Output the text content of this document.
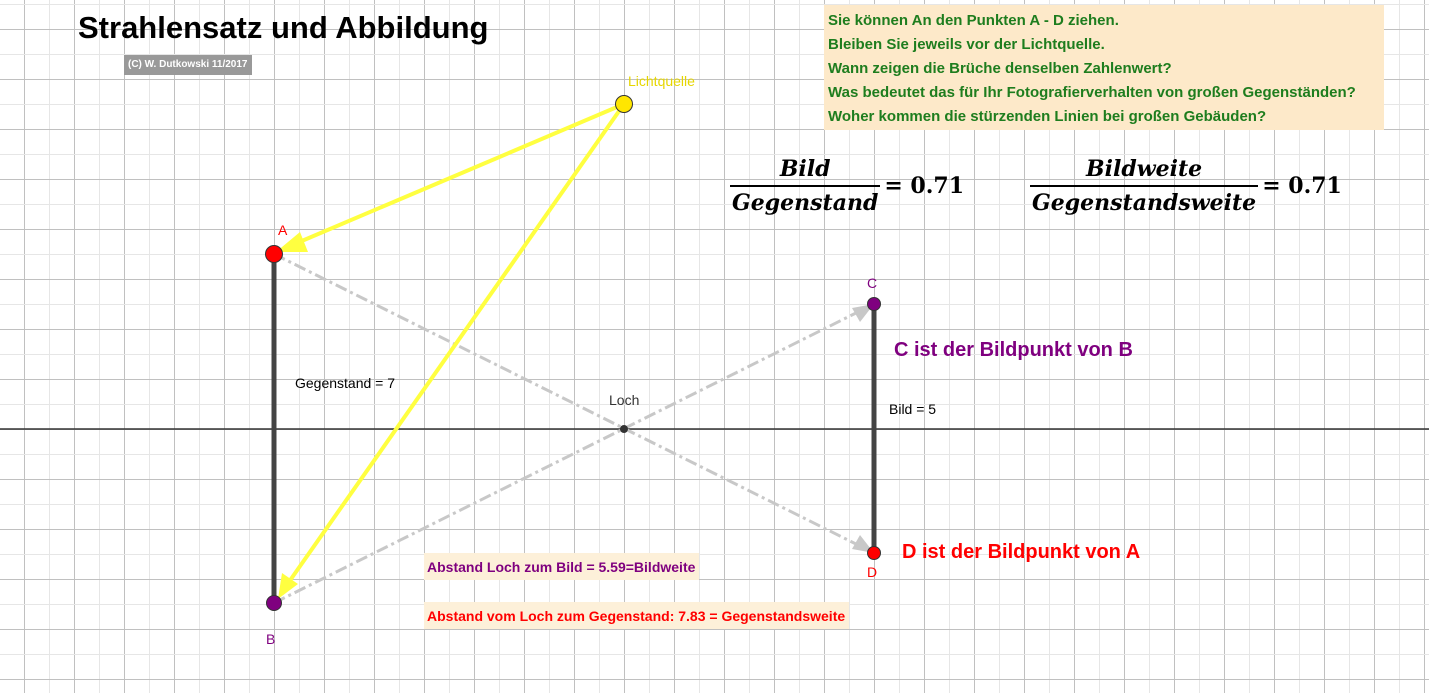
Strahlensatz und Abbildung
(C) W. Dutkowski 11/2017
Sie können An den Punkten A - D ziehen.
Bleiben Sie jeweils vor der Lichtquelle.
Wann zeigen die Brüche denselben Zahlenwert?
Was bedeutet das für Ihr Fotografierverhalten von großen Gegenständen?
Woher kommen die stürzenden Linien bei großen Gebäuden?
$\frac{\text{Bild}}{\text{Gegenstand}} = 0.71$	$\frac{\text{Bildweite}}{\text{Gegenstandsweite}} = 0.71$
Lichtquelle
A
B
C
D
Loch
Gegenstand = 7
Bild = 5
C ist der Bildpunkt von B
D ist der Bildpunkt von A
Abstand Loch zum Bild = 5.59=Bildweite
Abstand vom Loch zum Gegenstand: 7.83 = Gegenstandsweite
